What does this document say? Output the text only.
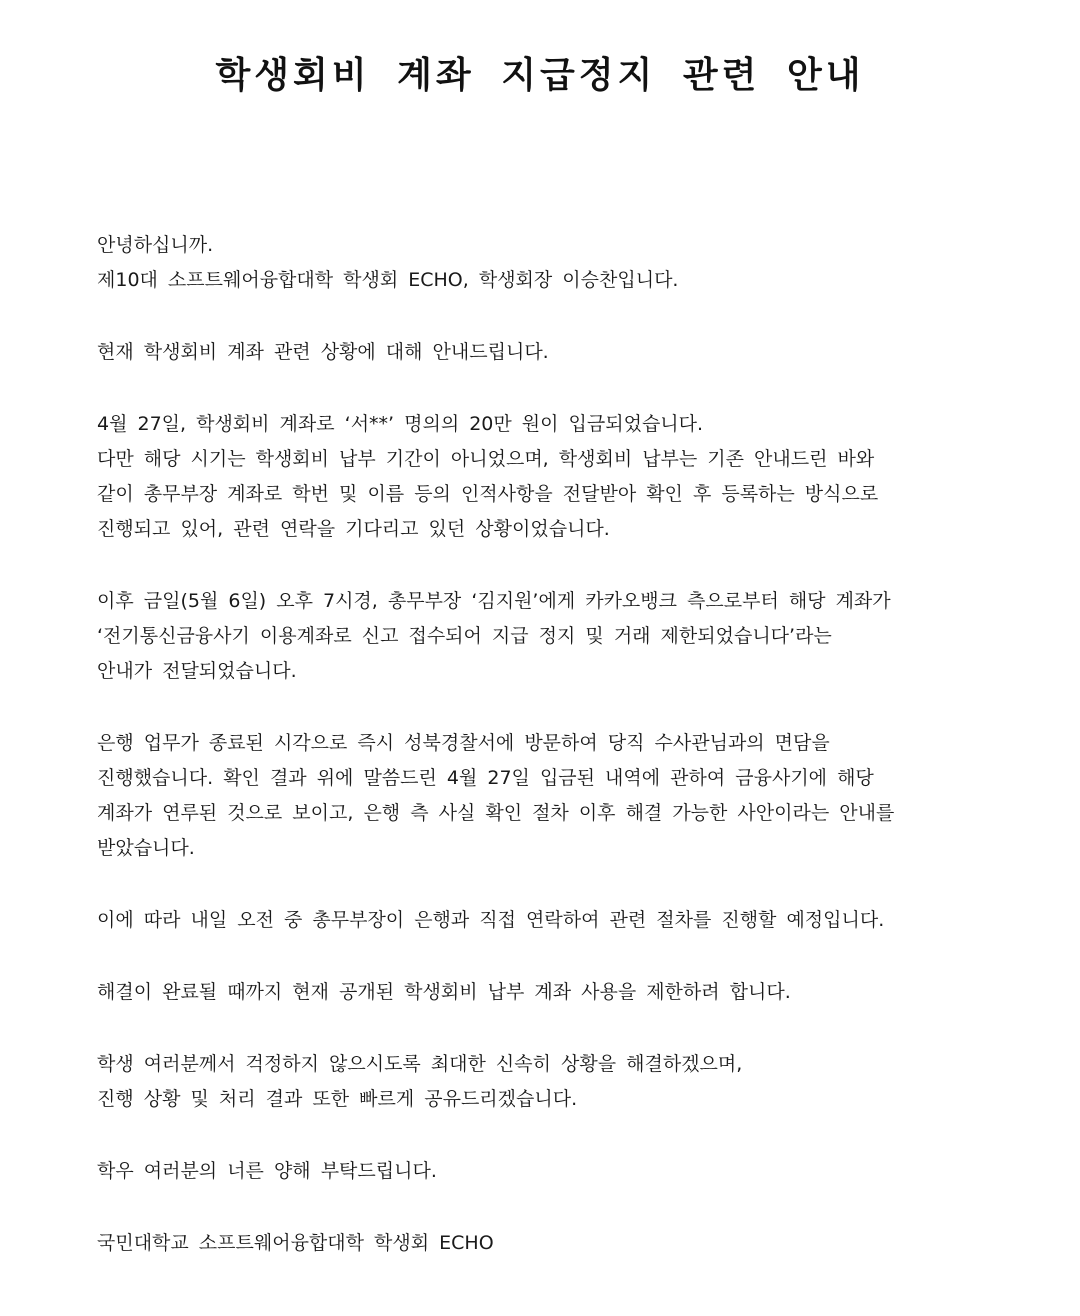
학생회비 계좌 지급정지 관련 안내

안녕하십니까.
제10대 소프트웨어융합대학 학생회 ECHO, 학생회장 이승찬입니다.

현재 학생회비 계좌 관련 상황에 대해 안내드립니다.

4월 27일, 학생회비 계좌로 ‘서**’ 명의의 20만 원이 입금되었습니다.
다만 해당 시기는 학생회비 납부 기간이 아니었으며, 학생회비 납부는 기존 안내드린 바와
같이 총무부장 계좌로 학번 및 이름 등의 인적사항을 전달받아 확인 후 등록하는 방식으로
진행되고 있어, 관련 연락을 기다리고 있던 상황이었습니다.

이후 금일(5월 6일) 오후 7시경, 총무부장 ‘김지원’에게 카카오뱅크 측으로부터 해당 계좌가
‘전기통신금융사기 이용계좌로 신고 접수되어 지급 정지 및 거래 제한되었습니다’라는
안내가 전달되었습니다.

은행 업무가 종료된 시각으로 즉시 성북경찰서에 방문하여 당직 수사관님과의 면담을
진행했습니다. 확인 결과 위에 말씀드린 4월 27일 입금된 내역에 관하여 금융사기에 해당
계좌가 연루된 것으로 보이고, 은행 측 사실 확인 절차 이후 해결 가능한 사안이라는 안내를
받았습니다.

이에 따라 내일 오전 중 총무부장이 은행과 직접 연락하여 관련 절차를 진행할 예정입니다.

해결이 완료될 때까지 현재 공개된 학생회비 납부 계좌 사용을 제한하려 합니다.

학생 여러분께서 걱정하지 않으시도록 최대한 신속히 상황을 해결하겠으며,
진행 상황 및 처리 결과 또한 빠르게 공유드리겠습니다.

학우 여러분의 너른 양해 부탁드립니다.

국민대학교 소프트웨어융합대학 학생회 ECHO
